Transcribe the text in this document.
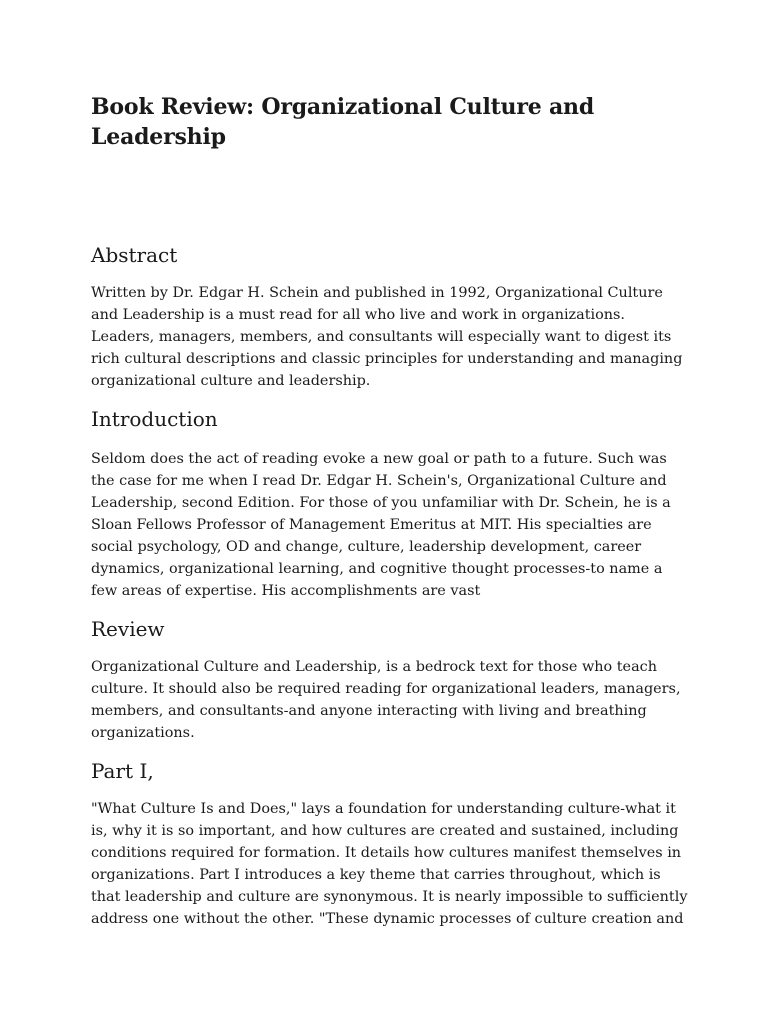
Book Review: Organizational Culture and Leadership
Abstract

Written by Dr. Edgar H. Schein and published in 1992, Organizational Culture and Leadership is a must read for all who live and work in organizations. Leaders, managers, members, and consultants will especially want to digest its rich cultural descriptions and classic principles for understanding and managing organizational culture and leadership.

Introduction

Seldom does the act of reading evoke a new goal or path to a future. Such was the case for me when I read Dr. Edgar H. Schein's, Organizational Culture and Leadership, second Edition. For those of you unfamiliar with Dr. Schein, he is a Sloan Fellows Professor of Management Emeritus at MIT. His specialties are social psychology, OD and change, culture, leadership development, career dynamics, organizational learning, and cognitive thought processes-to name a few areas of expertise. His accomplishments are vast

Review

Organizational Culture and Leadership, is a bedrock text for those who teach culture. It should also be required reading for organizational leaders, managers, members, and consultants-and anyone interacting with living and breathing organizations.

Part I,

"What Culture Is and Does," lays a foundation for understanding culture-what it is, why it is so important, and how cultures are created and sustained, including conditions required for formation. It details how cultures manifest themselves in organizations. Part I introduces a key theme that carries throughout, which is that leadership and culture are synonymous. It is nearly impossible to sufficiently address one without the other. "These dynamic processes of culture creation and
